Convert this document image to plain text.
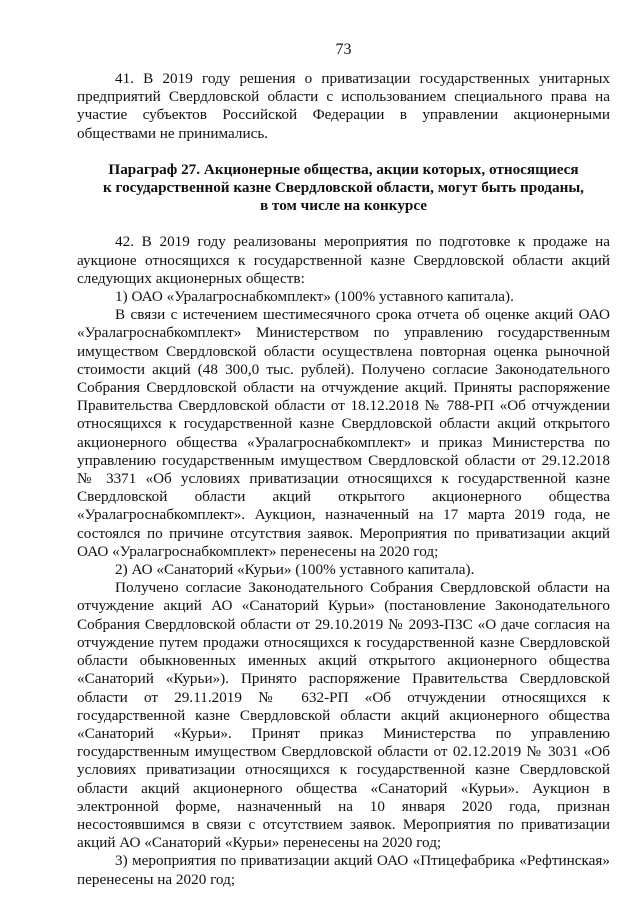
73

41. В 2019 году решения о приватизации государственных унитарных предприятий Свердловской области с использованием специального права на участие субъектов Российской Федерации в управлении акционерными обществами не принимались.

Параграф 27. Акционерные общества, акции которых, относящиеся
к государственной казне Свердловской области, могут быть проданы,
в том числе на конкурсе

42. В 2019 году реализованы мероприятия по подготовке к продаже на аукционе относящихся к государственной казне Свердловской области акций следующих акционерных обществ:

1) ОАО «Уралагроснабкомплект» (100% уставного капитала).

В связи с истечением шестимесячного срока отчета об оценке акций ОАО «Уралагроснабкомплект» Министерством по управлению государственным имуществом Свердловской области осуществлена повторная оценка рыночной стоимости акций (48 300,0 тыс. рублей). Получено согласие Законодательного Собрания Свердловской области на отчуждение акций. Приняты распоряжение Правительства Свердловской области от 18.12.2018 № 788-РП «Об отчуждении относящихся к государственной казне Свердловской области акций открытого акционерного общества «Уралагроснабкомплект» и приказ Министерства по управлению государственным имуществом Свердловской области от 29.12.2018 № 3371 «Об условиях приватизации относящихся к государственной казне Свердловской области акций открытого акционерного общества «Уралагроснабкомплект». Аукцион, назначенный на 17 марта 2019 года, не состоялся по причине отсутствия заявок. Мероприятия по приватизации акций ОАО «Уралагроснабкомплект» перенесены на 2020 год;

2) АО «Санаторий «Курьи» (100% уставного капитала).

Получено согласие Законодательного Собрания Свердловской области на отчуждение акций АО «Санаторий Курьи» (постановление Законодательного Собрания Свердловской области от 29.10.2019 № 2093-ПЗС «О даче согласия на отчуждение путем продажи относящихся к государственной казне Свердловской области обыкновенных именных акций открытого акционерного общества «Санаторий «Курьи»). Принято распоряжение Правительства Свердловской области от 29.11.2019 № 632-РП «Об отчуждении относящихся к государственной казне Свердловской области акций акционерного общества «Санаторий «Курьи». Принят приказ Министерства по управлению государственным имуществом Свердловской области от 02.12.2019 № 3031 «Об условиях приватизации относящихся к государственной казне Свердловской области акций акционерного общества «Санаторий «Курьи». Аукцион в электронной форме, назначенный на 10 января 2020 года, признан несостоявшимся в связи с отсутствием заявок. Мероприятия по приватизации акций АО «Санаторий «Курьи» перенесены на 2020 год;

3) мероприятия по приватизации акций ОАО «Птицефабрика «Рефтинская» перенесены на 2020 год;
